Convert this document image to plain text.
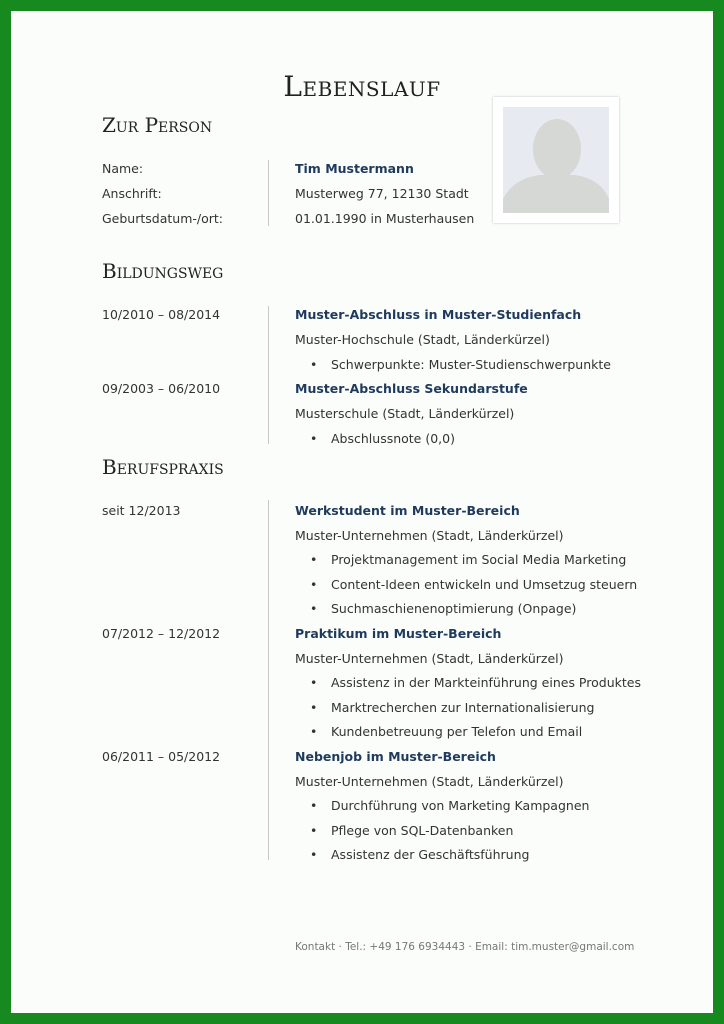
Lebenslauf
Zur Person
Name:	Tim Mustermann
Anschrift:	Musterweg 77, 12130 Stadt
Geburtsdatum-/ort:	01.01.1990 in Musterhausen
Bildungsweg
10/2010 – 08/2014	Muster-Abschluss in Muster-Studienfach
Muster-Hochschule (Stadt, Länderkürzel)
• Schwerpunkte: Muster-Studienschwerpunkte
09/2003 – 06/2010	Muster-Abschluss Sekundarstufe
Musterschule (Stadt, Länderkürzel)
• Abschlussnote (0,0)
Berufspraxis
seit 12/2013	Werkstudent im Muster-Bereich
Muster-Unternehmen (Stadt, Länderkürzel)
• Projektmanagement im Social Media Marketing
• Content-Ideen entwickeln und Umsetzug steuern
• Suchmaschienenoptimierung (Onpage)
07/2012 – 12/2012	Praktikum im Muster-Bereich
Muster-Unternehmen (Stadt, Länderkürzel)
• Assistenz in der Markteinführung eines Produktes
• Marktrecherchen zur Internationalisierung
• Kundenbetreuung per Telefon und Email
06/2011 – 05/2012	Nebenjob im Muster-Bereich
Muster-Unternehmen (Stadt, Länderkürzel)
• Durchführung von Marketing Kampagnen
• Pflege von SQL-Datenbanken
• Assistenz der Geschäftsführung
Kontakt · Tel.: +49 176 6934443 · Email: tim.muster@gmail.com
